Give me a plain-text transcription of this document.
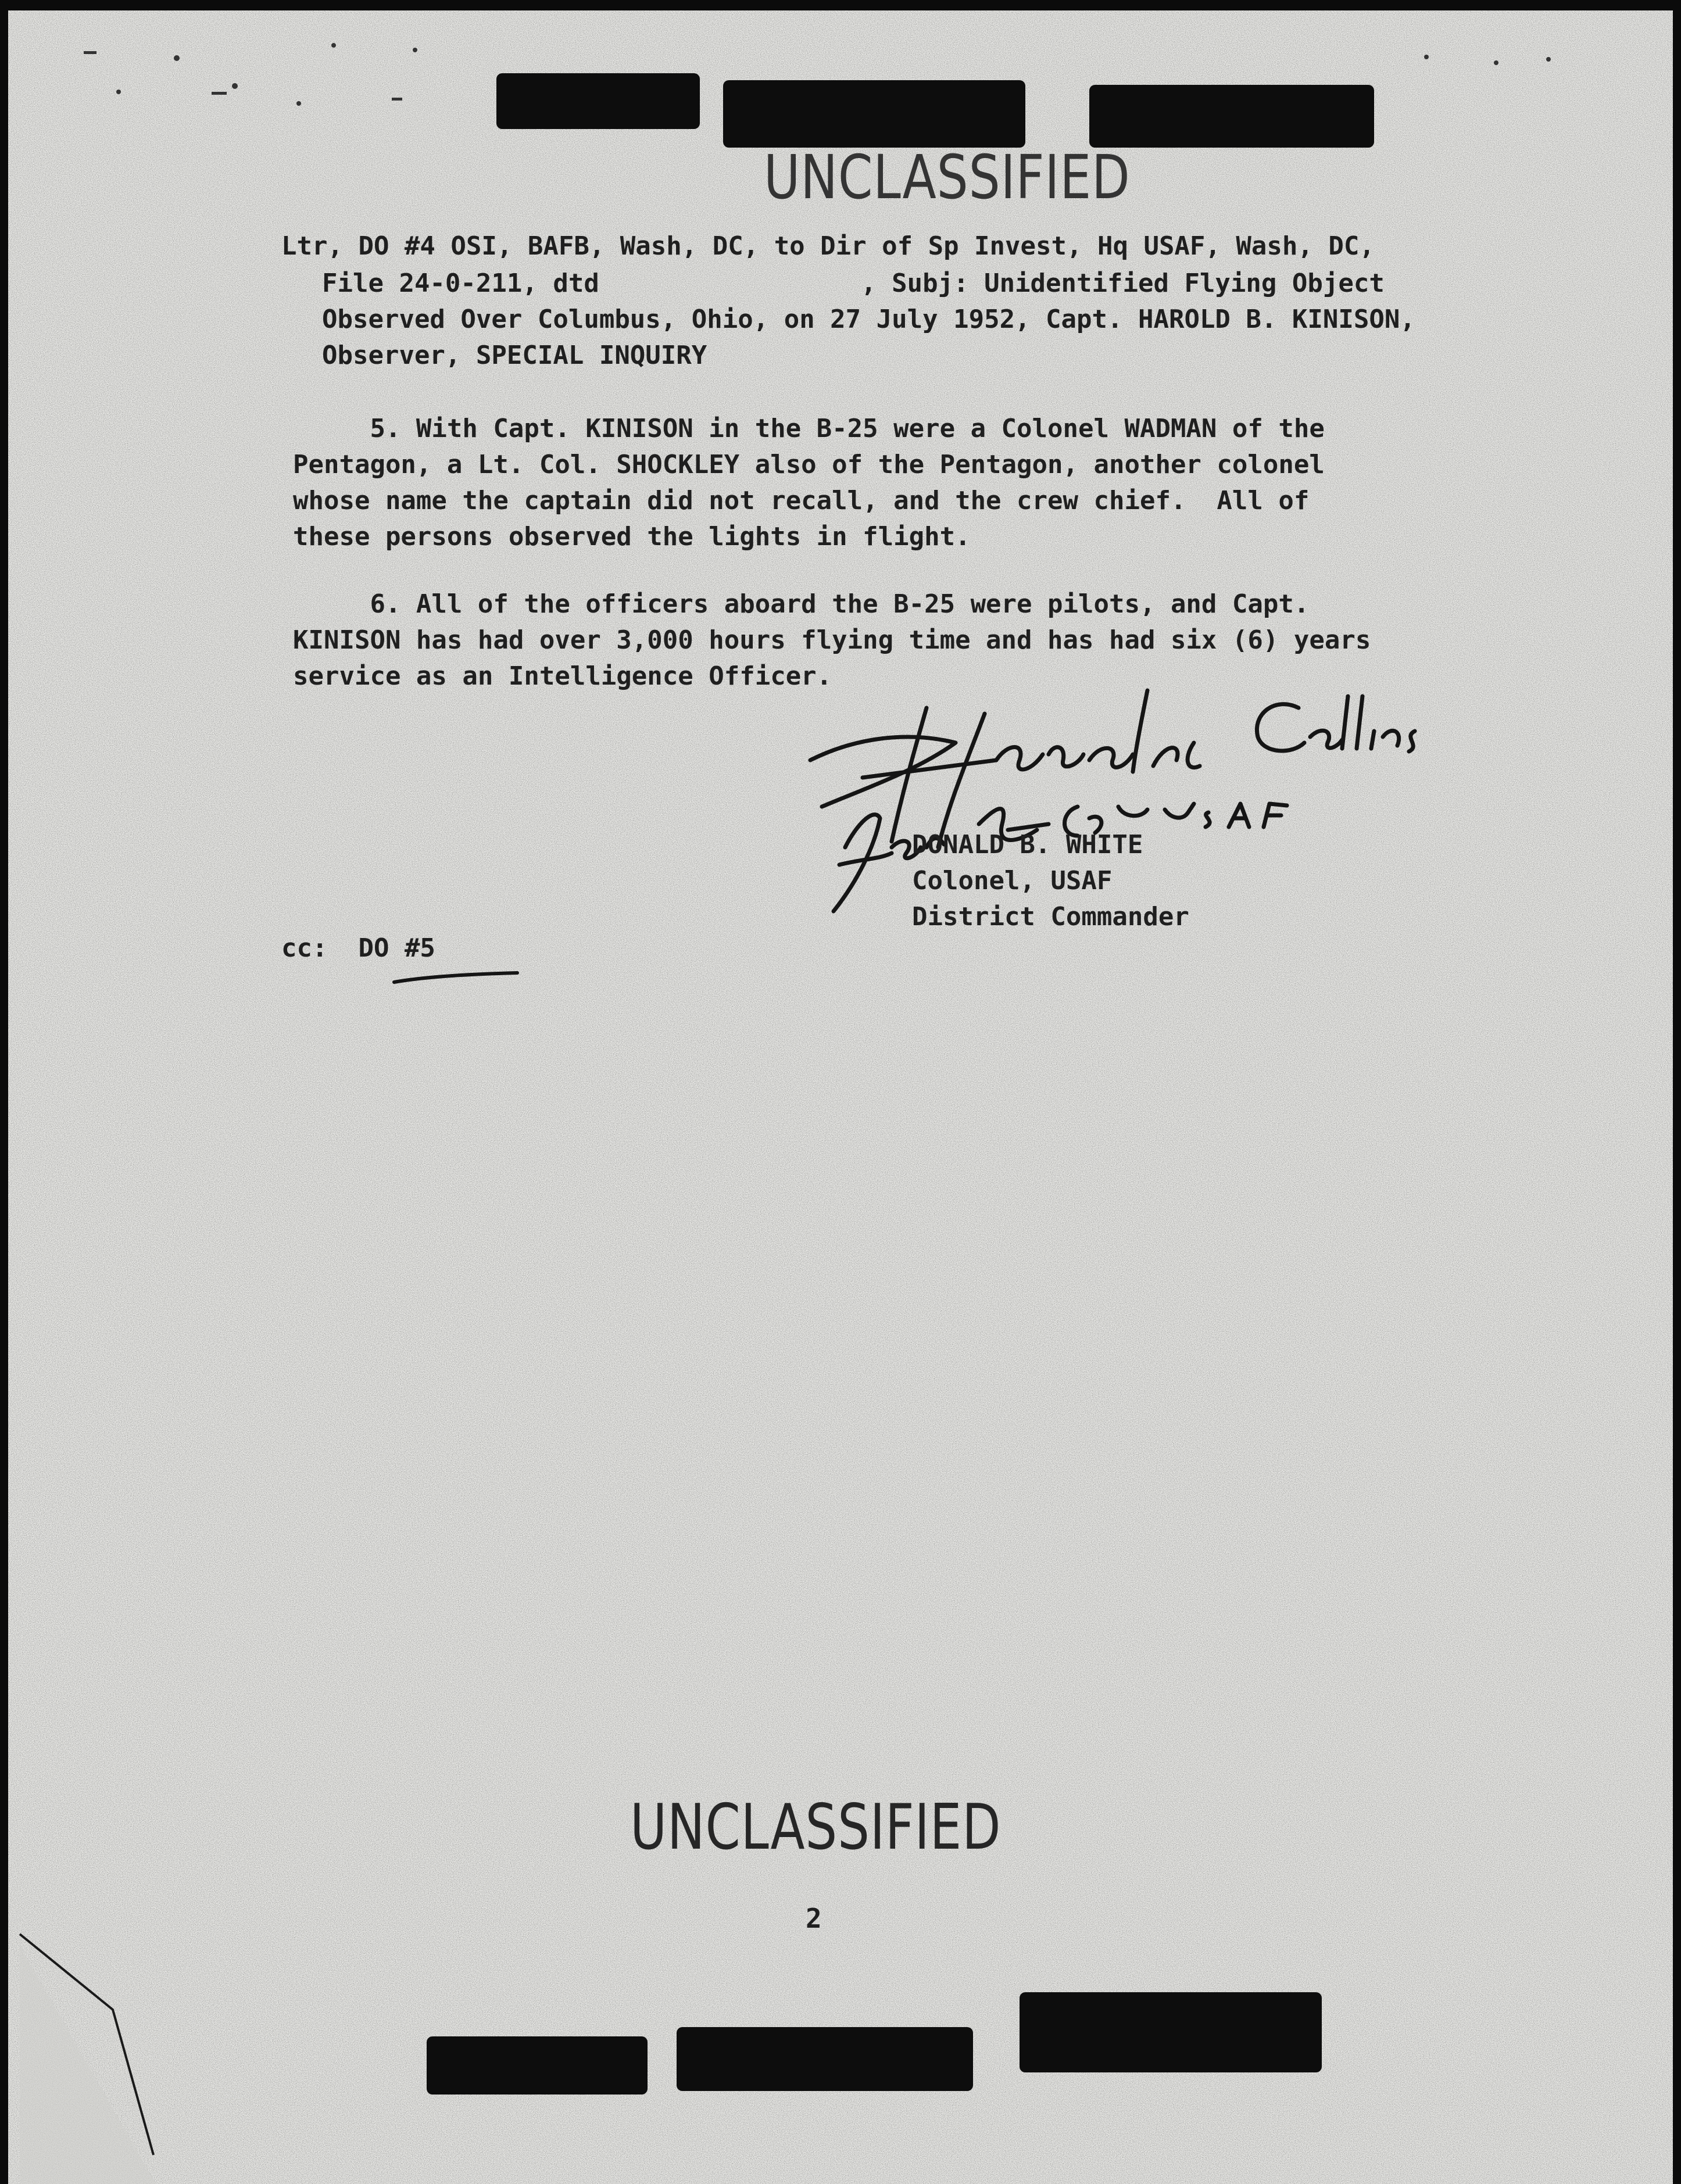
UNCLASSIFIED
Ltr, DO #4 OSI, BAFB, Wash, DC, to Dir of Sp Invest, Hq USAF, Wash, DC,
File 24-0-211, dtd                 , Subj: Unidentified Flying Object
Observed Over Columbus, Ohio, on 27 July 1952, Capt. HAROLD B. KINISON,
Observer, SPECIAL INQUIRY
5. With Capt. KINISON in the B-25 were a Colonel WADMAN of the
Pentagon, a Lt. Col. SHOCKLEY also of the Pentagon, another colonel
whose name the captain did not recall, and the crew chief.  All of
these persons observed the lights in flight.
6. All of the officers aboard the B-25 were pilots, and Capt.
KINISON has had over 3,000 hours flying time and has had six (6) years
service as an Intelligence Officer.
DONALD B. WHITE
Colonel, USAF
District Commander
cc: DO #5
UNCLASSIFIED
2
